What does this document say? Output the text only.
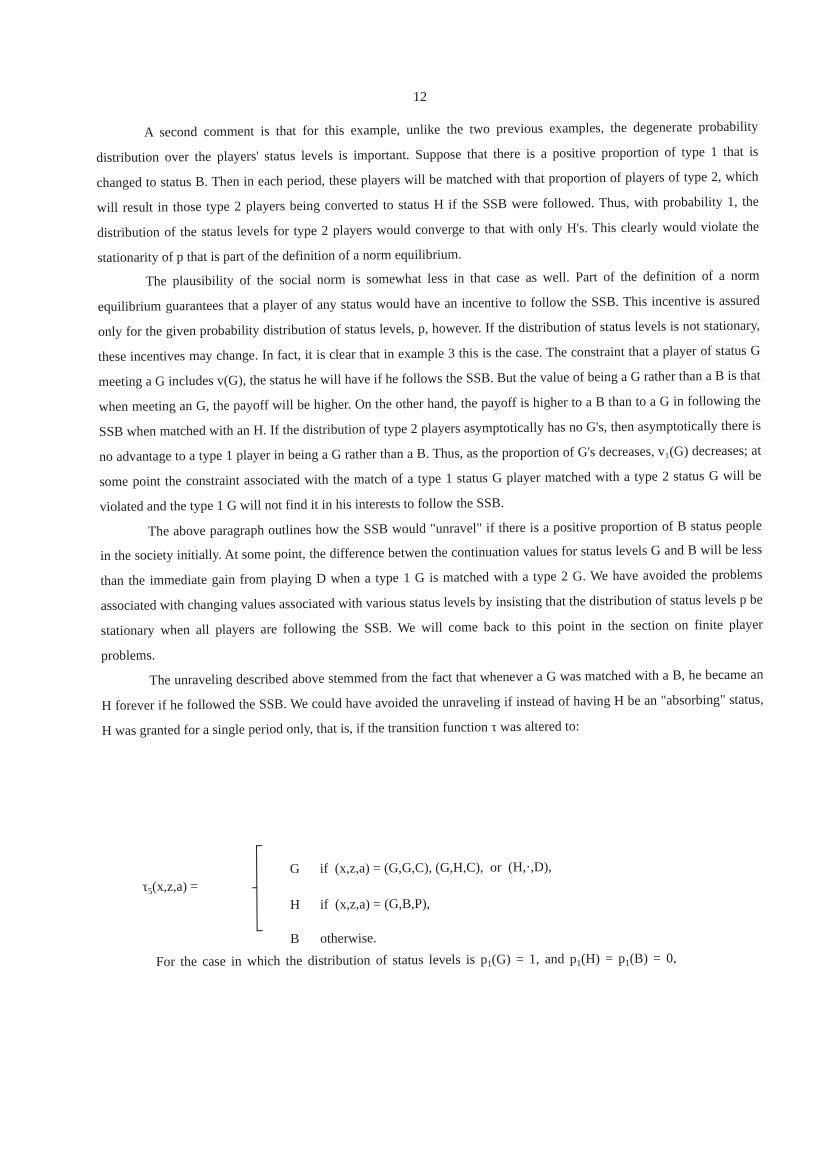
12

A second comment is that for this example, unlike the two previous examples, the degenerate probability distribution over the players' status levels is important. Suppose that there is a positive proportion of type 1 that is changed to status B. Then in each period, these players will be matched with that proportion of players of type 2, which will result in those type 2 players being converted to status H if the SSB were followed. Thus, with probability 1, the distribution of the status levels for type 2 players would converge to that with only H's. This clearly would violate the stationarity of p that is part of the definition of a norm equilibrium.

The plausibility of the social norm is somewhat less in that case as well. Part of the definition of a norm equilibrium guarantees that a player of any status would have an incentive to follow the SSB. This incentive is assured only for the given probability distribution of status levels, p, however. If the distribution of status levels is not stationary, these incentives may change. In fact, it is clear that in example 3 this is the case. The constraint that a player of status G meeting a G includes v(G), the status he will have if he follows the SSB. But the value of being a G rather than a B is that when meeting an G, the payoff will be higher. On the other hand, the payoff is higher to a B than to a G in following the SSB when matched with an H. If the distribution of type 2 players asymptotically has no G's, then asymptotically there is no advantage to a type 1 player in being a G rather than a B. Thus, as the proportion of G's decreases, v₁(G) decreases; at some point the constraint associated with the match of a type 1 status G player matched with a type 2 status G will be violated and the type 1 G will not find it in his interests to follow the SSB.

The above paragraph outlines how the SSB would "unravel" if there is a positive proportion of B status people in the society initially. At some point, the difference betwen the continuation values for status levels G and B will be less than the immediate gain from playing D when a type 1 G is matched with a type 2 G. We have avoided the problems associated with changing values associated with various status levels by insisting that the distribution of status levels p be stationary when all players are following the SSB. We will come back to this point in the section on finite player problems.

The unraveling described above stemmed from the fact that whenever a G was matched with a B, he became an H forever if he followed the SSB. We could have avoided the unraveling if instead of having H be an "absorbing" status, H was granted for a single period only, that is, if the transition function τ was altered to:

$\tau_5(x,z,a)$ =

G if  (x,z,a) = (G,G,C), (G,H,C),  or  (H,·,D),

H if  (x,z,a) = (G,B,P),

B otherwise.

For the case in which the distribution of status levels is $p_1(G) = 1$, and $p_1(H) = p_1(B) = 0$,
